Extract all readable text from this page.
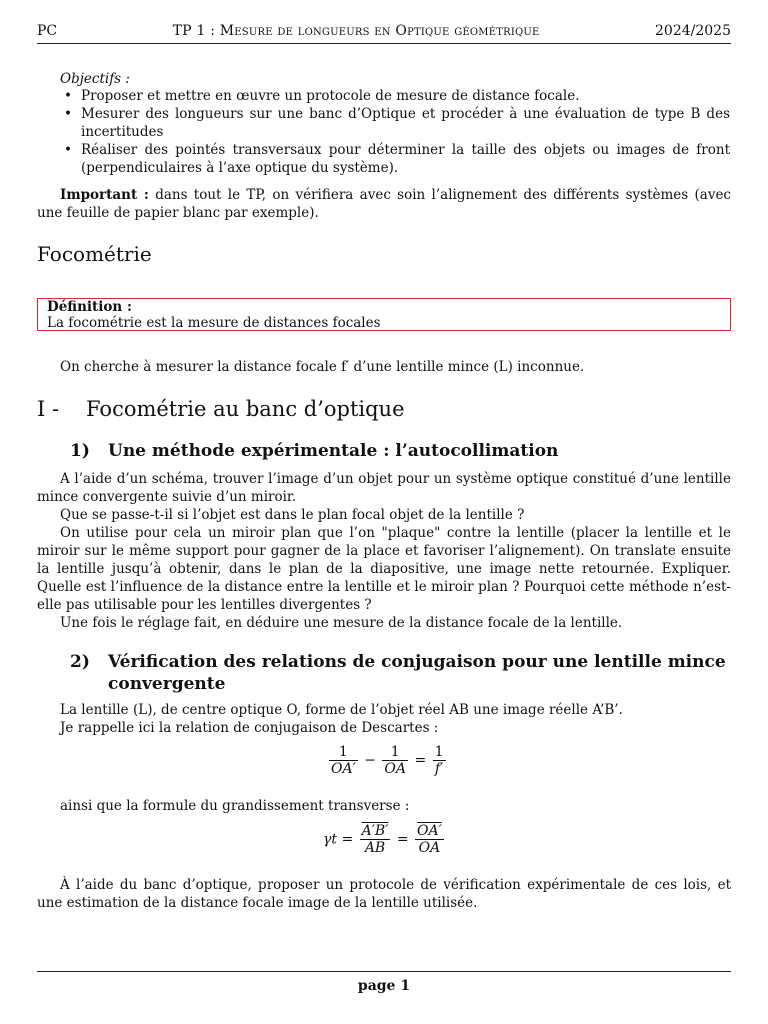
PC	TP 1 : Mesure de longueurs en Optique géométrique	2024/2025
Objectifs :
• Proposer et mettre en œuvre un protocole de mesure de distance focale.
• Mesurer des longueurs sur une banc d’Optique et procéder à une évaluation de type B des incertitudes
• Réaliser des pointés transversaux pour déterminer la taille des objets ou images de front (perpendiculaires à l’axe optique du système).
Important : dans tout le TP, on vérifiera avec soin l’alignement des différents systèmes (avec une feuille de papier blanc par exemple).
Focométrie
Définition :
La focométrie est la mesure de distances focales
On cherche à mesurer la distance focale f′ d’une lentille mince (L) inconnue.
I - Focométrie au banc d’optique
1)	Une méthode expérimentale : l’autocollimation

A l’aide d’un schéma, trouver l’image d’un objet pour un système optique constitué d’une lentille mince convergente suivie d’un miroir.

Que se passe-t-il si l’objet est dans le plan focal objet de la lentille ?

On utilise pour cela un miroir plan que l’on "plaque" contre la lentille (placer la lentille et le miroir sur le même support pour gagner de la place et favoriser l’alignement). On translate ensuite la lentille jusqu’à obtenir, dans le plan de la diapositive, une image nette retournée. Expliquer. Quelle est l’influence de la distance entre la lentille et le miroir plan ? Pourquoi cette méthode n’est-elle pas utilisable pour les lentilles divergentes ?

Une fois le réglage fait, en déduire une mesure de la distance focale de la lentille.

2)	Vérification des relations de conjugaison pour une lentille mince convergente

La lentille (L), de centre optique O, forme de l’objet réel AB une image réelle A’B’.

Je rappelle ici la relation de conjugaison de Descartes :

$\frac{1}{OA'} - \frac{1}{OA} = \frac{1}{f'}$
ainsi que la formule du grandissement transverse :
$\gamma t = \frac{A'B'}{AB} = \frac{OA'}{OA}$

À l’aide du banc d’optique, proposer un protocole de vérification expérimentale de ces lois, et une estimation de la distance focale image de la lentille utilisée.

page 1
